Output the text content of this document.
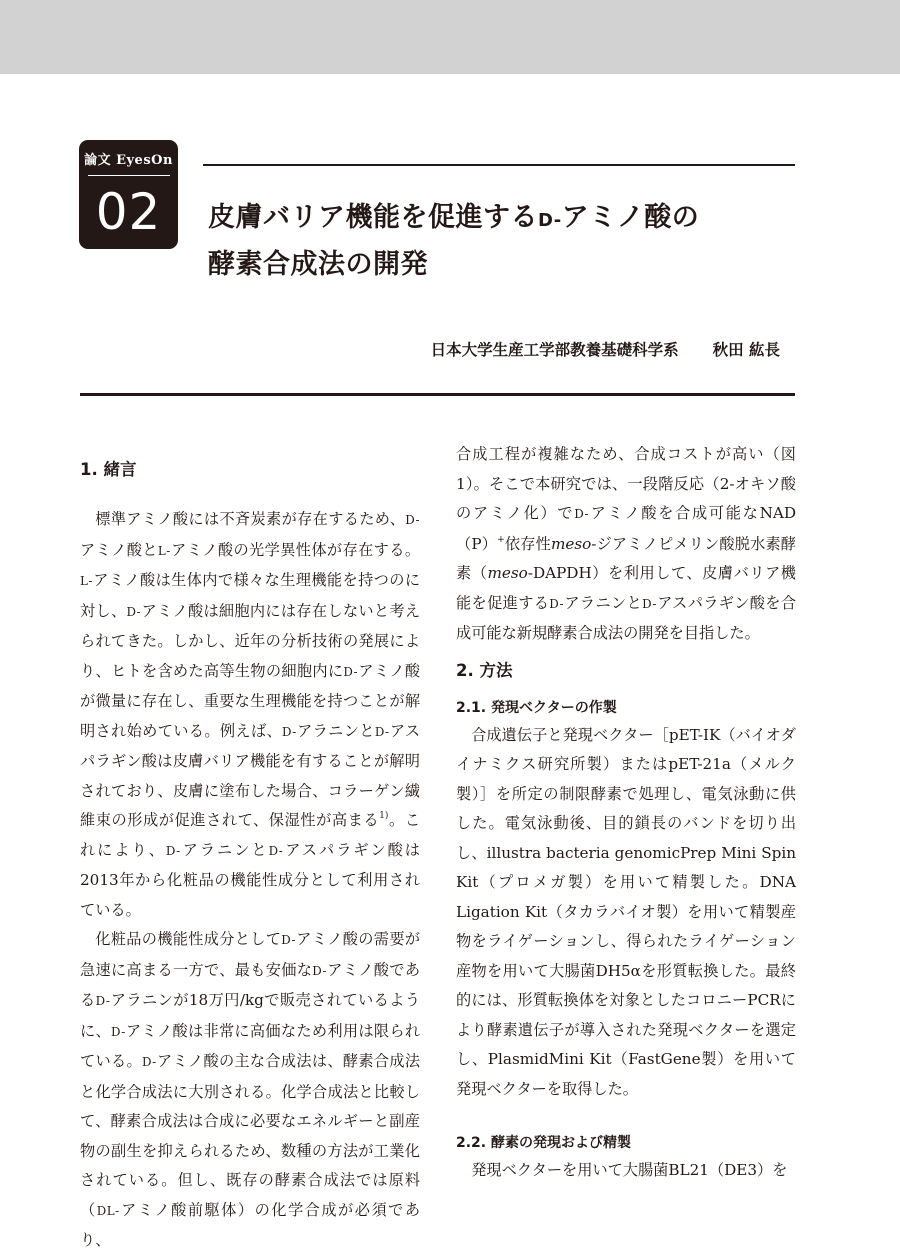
論文 EyesOn
02	皮膚バリア機能を促進するD-アミノ酸の
酵素合成法の開発
日本大学生産工学部教養基礎科学系 秋田 紘長
1. 緒言

標準アミノ酸には不斉炭素が存在するため、D-アミノ酸とL-アミノ酸の光学異性体が存在する。L-アミノ酸は生体内で様々な生理機能を持つのに対し、D-アミノ酸は細胞内には存在しないと考えられてきた。しかし、近年の分析技術の発展により、ヒトを含めた高等生物の細胞内にD-アミノ酸が微量に存在し、重要な生理機能を持つことが解明され始めている。例えば、D-アラニンとD-アスパラギン酸は皮膚バリア機能を有することが解明されており、皮膚に塗布した場合、コラーゲン繊維束の形成が促進されて、保湿性が高まる$^{1)}$。これにより、D-アラニンとD-アスパラギン酸は2013年から化粧品の機能性成分として利用されている。

化粧品の機能性成分としてD-アミノ酸の需要が急速に高まる一方で、最も安価なD-アミノ酸であるD-アラニンが18万円/kgで販売されているように、D-アミノ酸は非常に高価なため利用は限られている。D-アミノ酸の主な合成法は、酵素合成法と化学合成法に大別される。化学合成法と比較して、酵素合成法は合成に必要なエネルギーと副産物の副生を抑えられるため、数種の方法が工業化されている。但し、既存の酵素合成法では原料（DL-アミノ酸前駆体）の化学合成が必須であり、

合成工程が複雑なため、合成コストが高い（図1）。そこで本研究では、一段階反応（2-オキソ酸のアミノ化）でD-アミノ酸を合成可能なNAD（P）+依存性meso-ジアミノピメリン酸脱水素酵素（meso-DAPDH）を利用して、皮膚バリア機能を促進するD-アラニンとD-アスパラギン酸を合成可能な新規酵素合成法の開発を目指した。

2. 方法
2.1. 発現ベクターの作製

合成遺伝子と発現ベクター［pET-IK（バイオダイナミクス研究所製）またはpET-21a（メルク製）］を所定の制限酵素で処理し、電気泳動に供した。電気泳動後、目的鎖長のバンドを切り出し、illustra bacteria genomicPrep Mini Spin Kit（プロメガ製）を用いて精製した。DNA Ligation Kit（タカラバイオ製）を用いて精製産物をライゲーションし、得られたライゲーション産物を用いて大腸菌DH5αを形質転換した。最終的には、形質転換体を対象としたコロニーPCRにより酵素遺伝子が導入された発現ベクターを選定し、PlasmidMini Kit（FastGene製）を用いて発現ベクターを取得した。

2.2. 酵素の発現および精製

発現ベクターを用いて大腸菌BL21（DE3）を
